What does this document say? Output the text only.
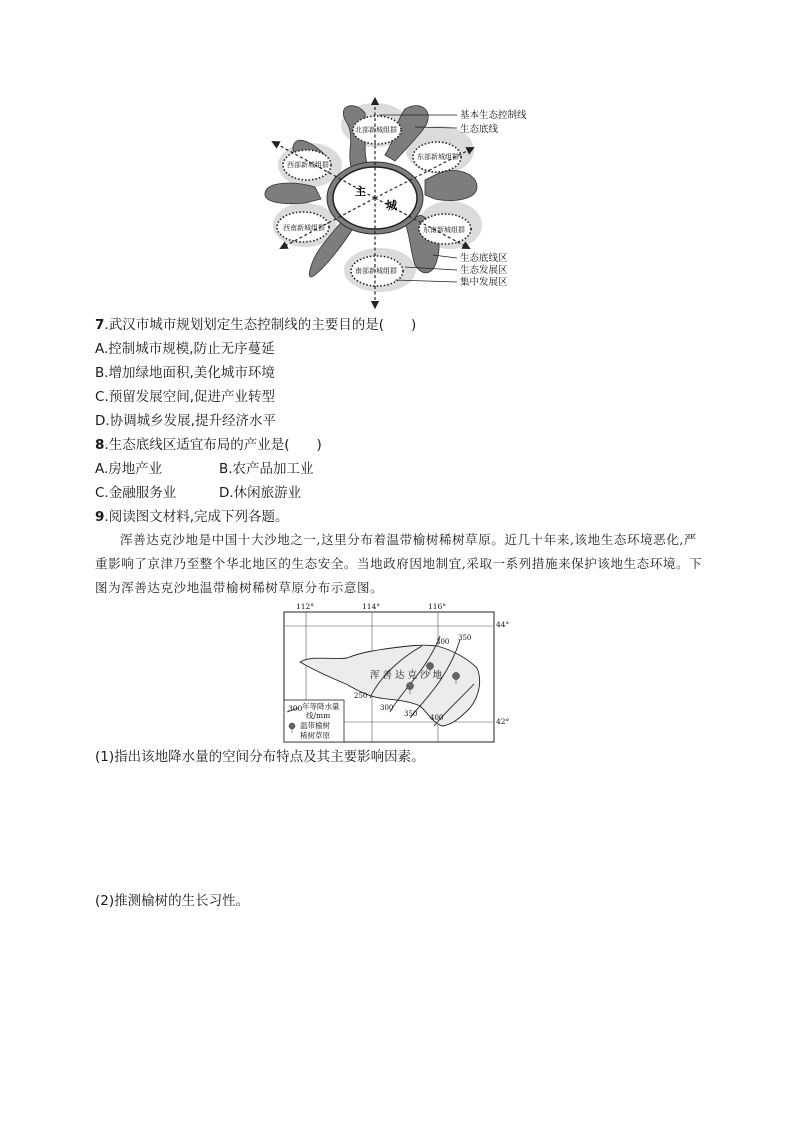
主
城
北部新城组群
西部新城组群
东部新城组群
西南新城组群	东南新城组群
南部新城组群
基本生态控制线
生态底线
生态底线区
生态发展区
集中发展区
7.武汉市城市规划划定生态控制线的主要目的是(　　)
A.控制城市规模,防止无序蔓延
B.增加绿地面积,美化城市环境
C.预留发展空间,促进产业转型
D.协调城乡发展,提升经济水平
8.生态底线区适宜布局的产业是(　　)
A.房地产业	B.农产品加工业
C.金融服务业	D.休闲旅游业
9.阅读图文材料,完成下列各题。
浑善达克沙地是中国十大沙地之一,这里分布着温带榆树稀树草原。近几十年来,该地生态环境恶化,严重影响了京津乃至整个华北地区的生态安全。当地政府因地制宜,采取一系列措施来保护该地生态环境。下图为浑善达克沙地温带榆树稀树草原分布示意图。
112°	114°	116°
44°
42°
250
300
350 400
300 350
浑 善 达 克 沙 地
300 年等降水量
线/mm
温带榆树
稀树草原
(1)指出该地降水量的空间分布特点及其主要影响因素。
(2)推测榆树的生长习性。
